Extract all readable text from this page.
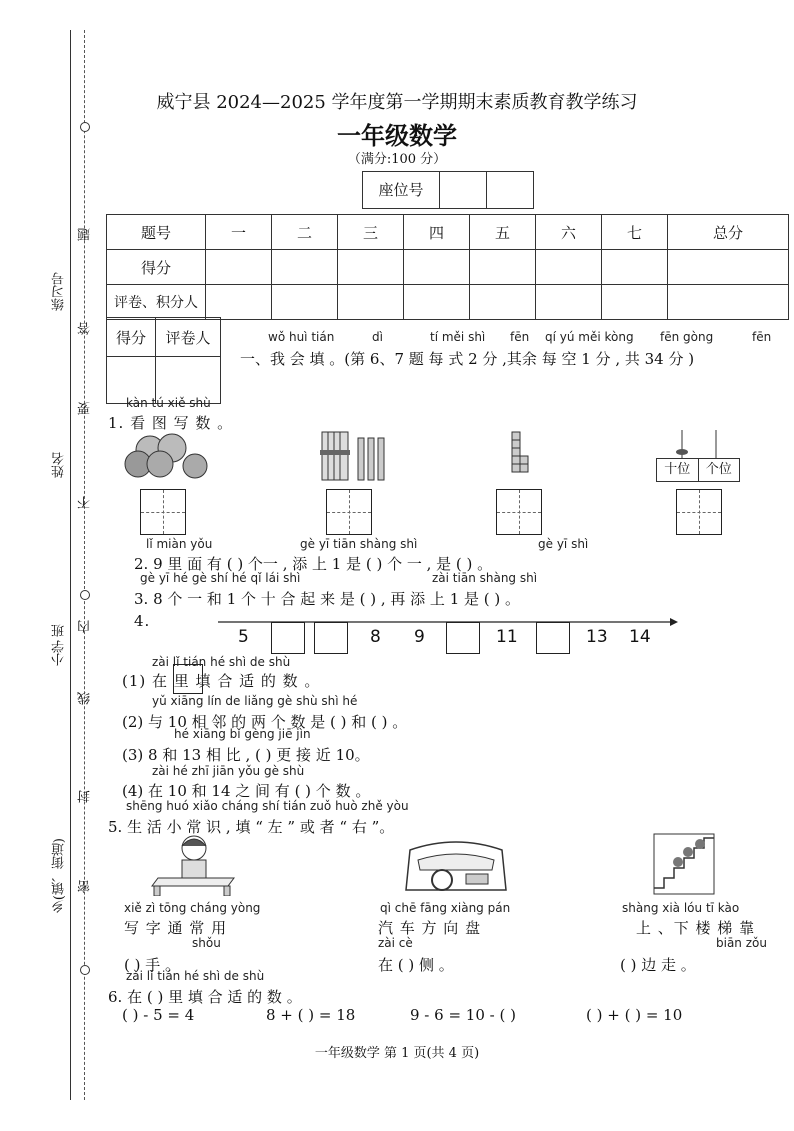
练习号
姓名
班
小学
乡(镇、街道)
题
答
要
不
内
线
封
密
威宁县 2024—2025 学年度第一学期期末素质教育教学练习
一年级数学
（满分:100 分）
座位号
题号	一	二	三	四	五	六	七	总分
得分								
评卷、积分人								
得分	评卷人
		wǒ huì tián	dì	tí měi shì fēn qí yú měi kòng fēn gòng	fēn
一、我 会 填 。(第 6、7 题 每 式 2 分 ,其余 每 空 1 分 , 共 34 分 )
kàn tú xiě shù
1. 看 图 写 数 。
十位	个位
lǐ miàn yǒu	gè yī tiān shàng shì	gè yī shì
2. 9 里 面 有 ( ) 个一 , 添 上 1 是 ( ) 个 一 , 是 ( ) 。
gè yī hé gè shí hé qǐ lái shì	zài tiān shàng shì
3. 8 个 一 和 1 个 十 合 起 来 是 ( ) , 再 添 上 1 是 ( ) 。
4.
5	8 9	11	13 14
zài lǐ tián hé shì de shù
(1) 在 里 填 合 适 的 数 。
yǔ xiāng lín de liǎng gè shù shì hé
(2) 与 10 相 邻 的 两 个 数 是 ( ) 和 ( ) 。
hé xiāng bǐ gèng jiē jìn
(3) 8 和 13 相 比 , ( ) 更 接 近 10。
zài hé zhī jiān yǒu gè shù
(4) 在 10 和 14 之 间 有 ( ) 个 数 。
shēng huó xiǎo cháng shí tián zuǒ huò zhě yòu
5. 生 活 小 常 识 , 填 “ 左 ” 或 者 “ 右 ”。
xiě zì tōng cháng yòng
写 字 通 常 用
shǒu
( ) 手 。
qì chē fāng xiàng pán
汽 车 方 向 盘
zài cè
在 ( ) 侧 。
shàng xià lóu tī kào
上 、下 楼 梯 靠
biān zǒu
( ) 边 走 。
zài lǐ tián hé shì de shù
6. 在 ( ) 里 填 合 适 的 数 。
( ) - 5 = 4	8 + ( ) = 18	9 - 6 = 10 - ( )	( ) + ( ) = 10
一年级数学 第 1 页(共 4 页)
